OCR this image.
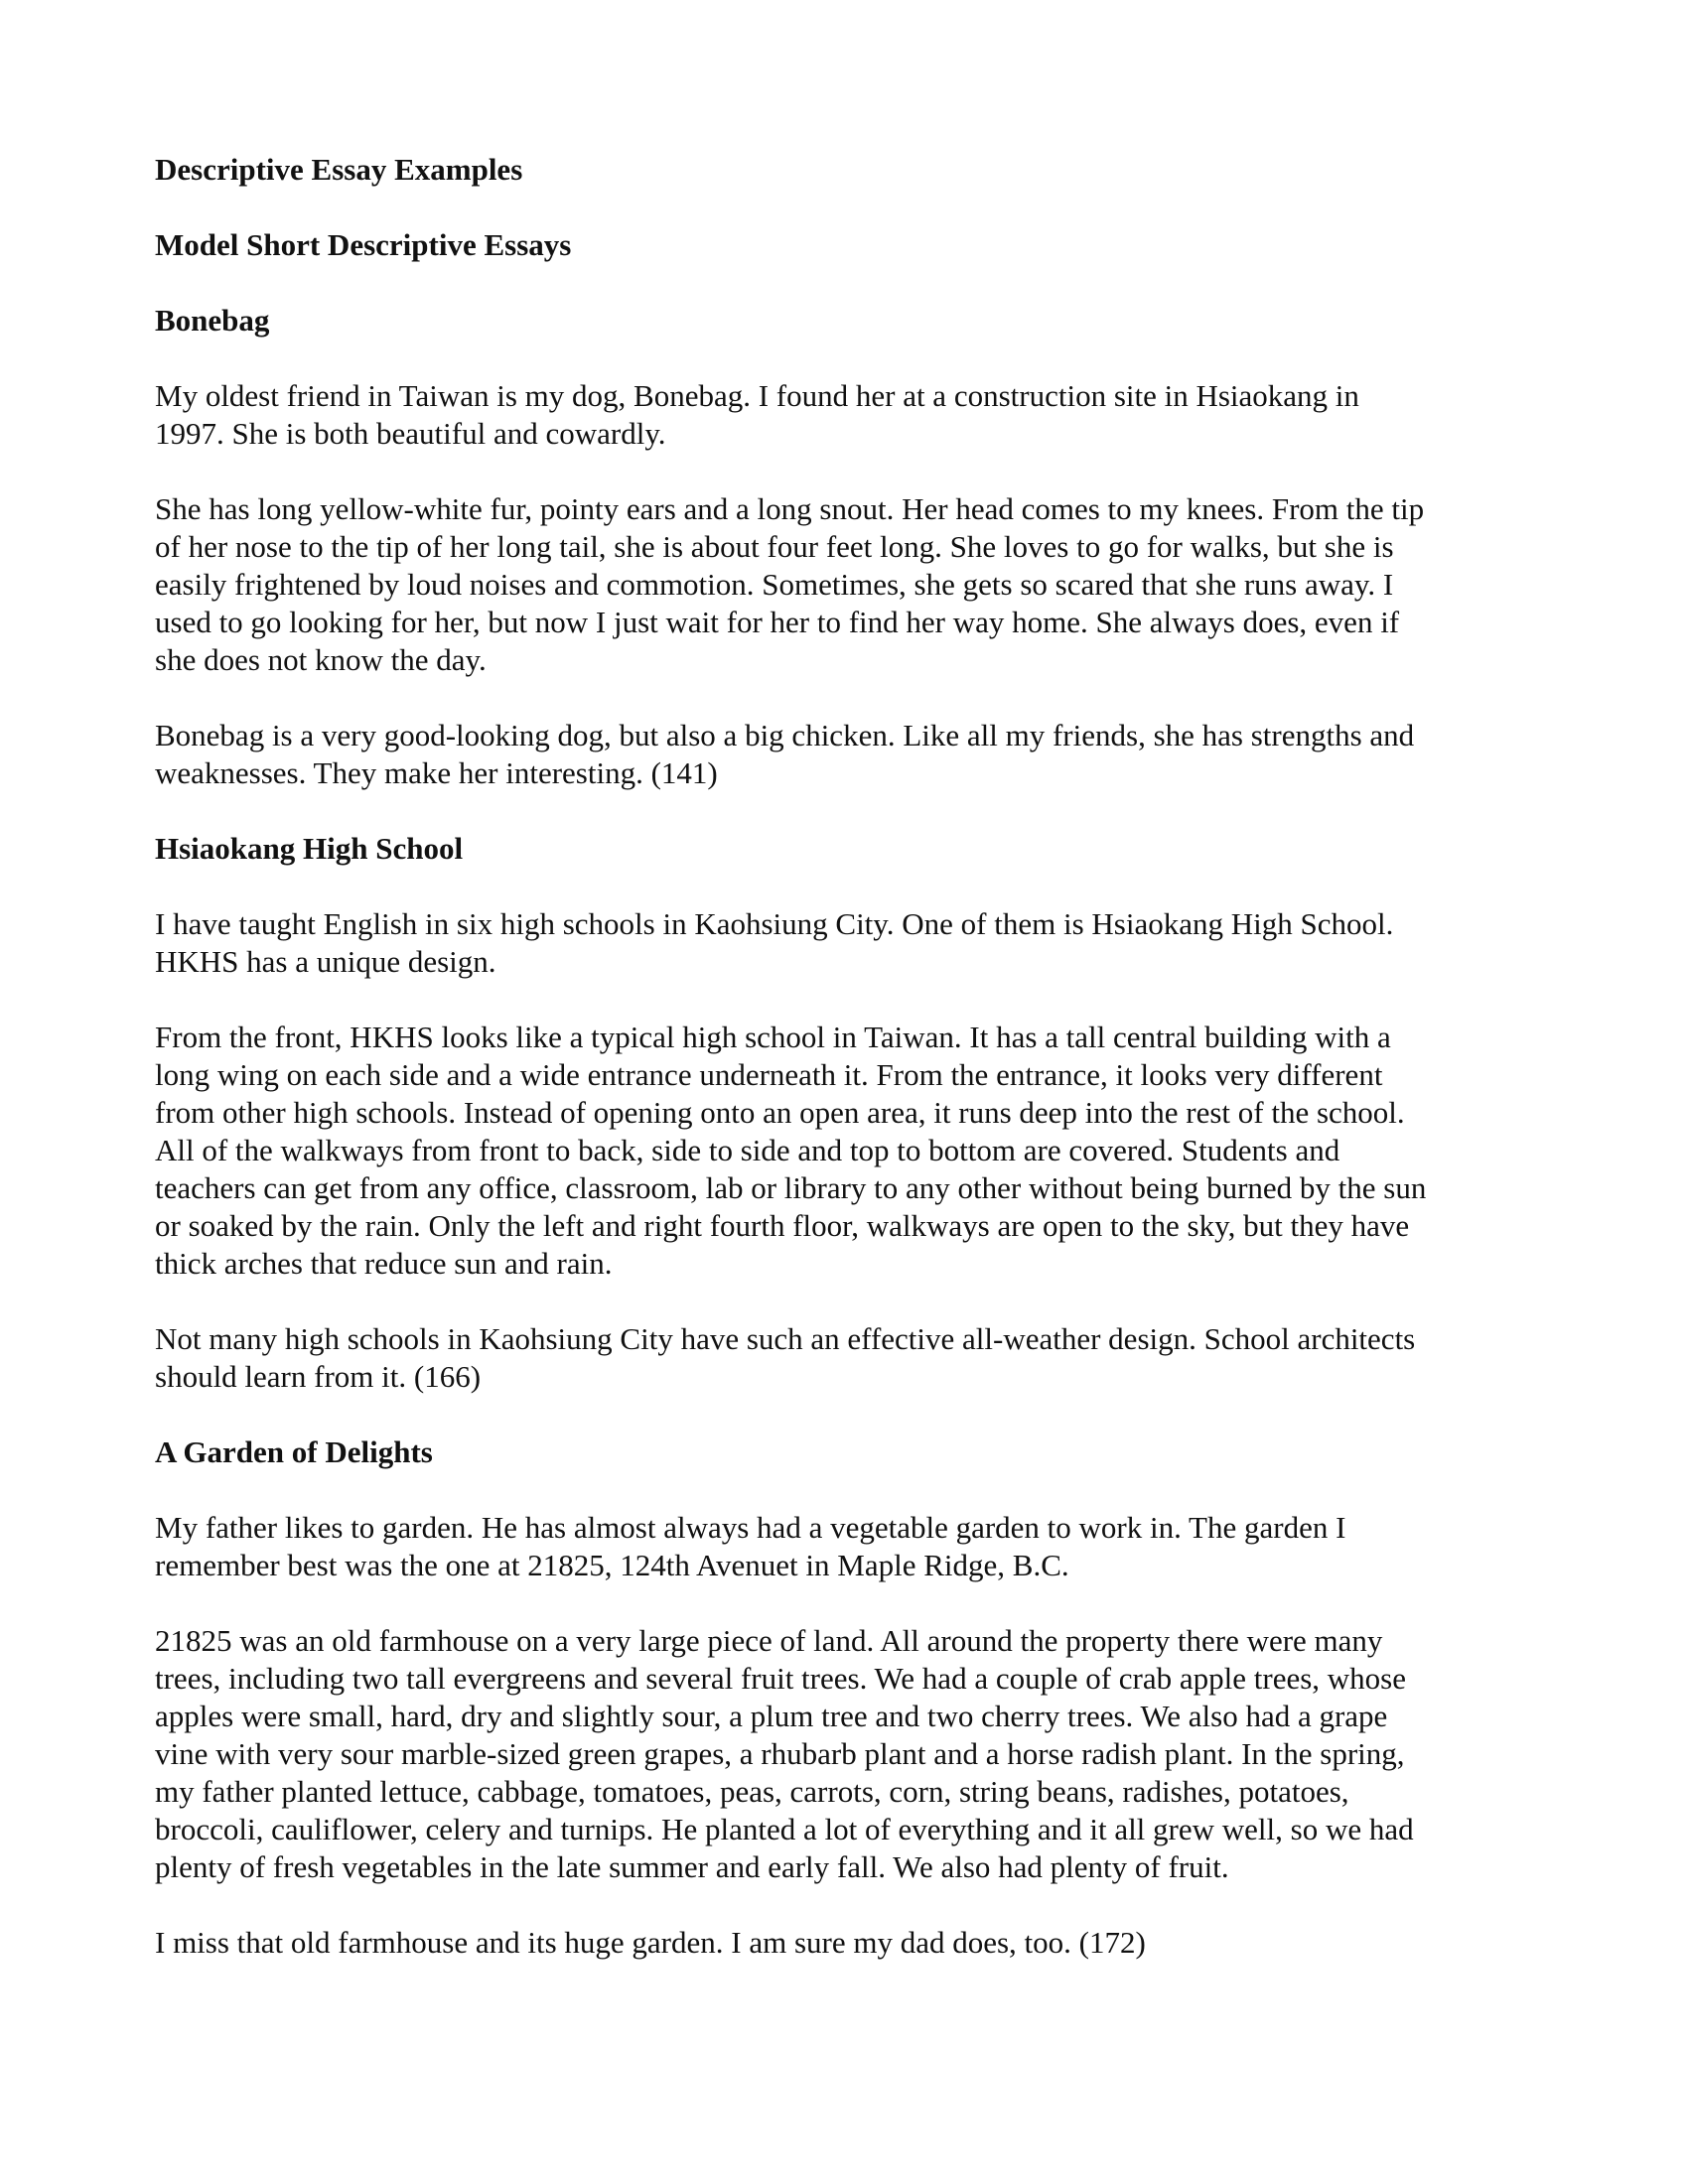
Descriptive Essay Examples
Model Short Descriptive Essays
Bonebag

My oldest friend in Taiwan is my dog, Bonebag. I found her at a construction site in Hsiaokang in
1997. She is both beautiful and cowardly.

She has long yellow-white fur, pointy ears and a long snout. Her head comes to my knees. From the tip
of her nose to the tip of her long tail, she is about four feet long. She loves to go for walks, but she is
easily frightened by loud noises and commotion. Sometimes, she gets so scared that she runs away. I
used to go looking for her, but now I just wait for her to find her way home. She always does, even if
she does not know the day.

Bonebag is a very good-looking dog, but also a big chicken. Like all my friends, she has strengths and
weaknesses. They make her interesting. (141)

Hsiaokang High School

I have taught English in six high schools in Kaohsiung City. One of them is Hsiaokang High School.
HKHS has a unique design.

From the front, HKHS looks like a typical high school in Taiwan. It has a tall central building with a
long wing on each side and a wide entrance underneath it. From the entrance, it looks very different
from other high schools. Instead of opening onto an open area, it runs deep into the rest of the school.
All of the walkways from front to back, side to side and top to bottom are covered. Students and
teachers can get from any office, classroom, lab or library to any other without being burned by the sun
or soaked by the rain. Only the left and right fourth floor, walkways are open to the sky, but they have
thick arches that reduce sun and rain.

Not many high schools in Kaohsiung City have such an effective all-weather design. School architects
should learn from it. (166)

A Garden of Delights

My father likes to garden. He has almost always had a vegetable garden to work in. The garden I
remember best was the one at 21825, 124th Avenuet in Maple Ridge, B.C.

21825 was an old farmhouse on a very large piece of land. All around the property there were many
trees, including two tall evergreens and several fruit trees. We had a couple of crab apple trees, whose
apples were small, hard, dry and slightly sour, a plum tree and two cherry trees. We also had a grape
vine with very sour marble-sized green grapes, a rhubarb plant and a horse radish plant. In the spring,
my father planted lettuce, cabbage, tomatoes, peas, carrots, corn, string beans, radishes, potatoes,
broccoli, cauliflower, celery and turnips. He planted a lot of everything and it all grew well, so we had
plenty of fresh vegetables in the late summer and early fall. We also had plenty of fruit.

I miss that old farmhouse and its huge garden. I am sure my dad does, too. (172)
